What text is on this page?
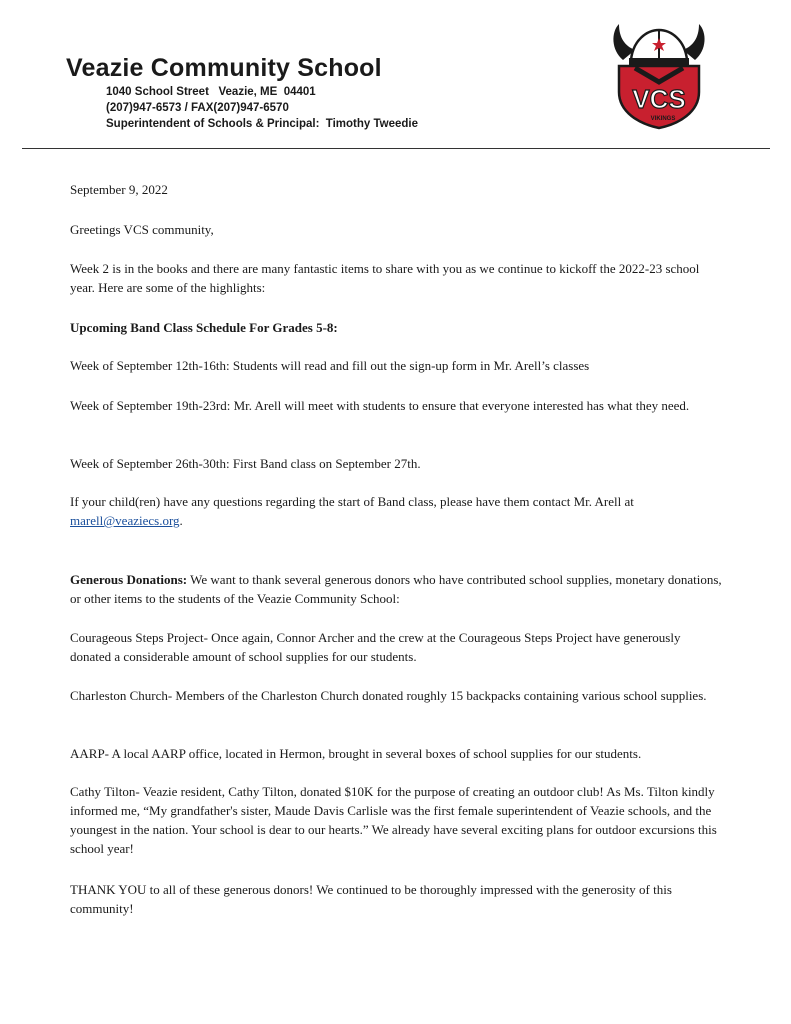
Veazie Community School
1040 School Street   Veazie, ME  04401
(207)947-6573 / FAX(207)947-6570
Superintendent of Schools & Principal:  Timothy Tweedie
VCS
VIKINGS
September 9, 2022
Greetings VCS community,
Week 2 is in the books and there are many fantastic items to share with you as we continue to kickoff the 2022-23 school year. Here are some of the highlights:
Upcoming Band Class Schedule For Grades 5-8:
Week of September 12th-16th: Students will read and fill out the sign-up form in Mr. Arell’s classes
Week of September 19th-23rd: Mr. Arell will meet with students to ensure that everyone interested has what they need.
Week of September 26th-30th: First Band class on September 27th.
If your child(ren) have any questions regarding the start of Band class, please have them contact Mr. Arell at marell@veaziecs.org.
Generous Donations: We want to thank several generous donors who have contributed school supplies, monetary donations, or other items to the students of the Veazie Community School:
Courageous Steps Project- Once again, Connor Archer and the crew at the Courageous Steps Project have generously donated a considerable amount of school supplies for our students.
Charleston Church- Members of the Charleston Church donated roughly 15 backpacks containing various school supplies.
AARP- A local AARP office, located in Hermon, brought in several boxes of school supplies for our students.
Cathy Tilton- Veazie resident, Cathy Tilton, donated $10K for the purpose of creating an outdoor club! As Ms. Tilton kindly informed me, “My grandfather's sister, Maude Davis Carlisle was the first female superintendent of Veazie schools, and the youngest in the nation. Your school is dear to our hearts.” We already have several exciting plans for outdoor excursions this school year!
THANK YOU to all of these generous donors! We continued to be thoroughly impressed with the generosity of this community!
